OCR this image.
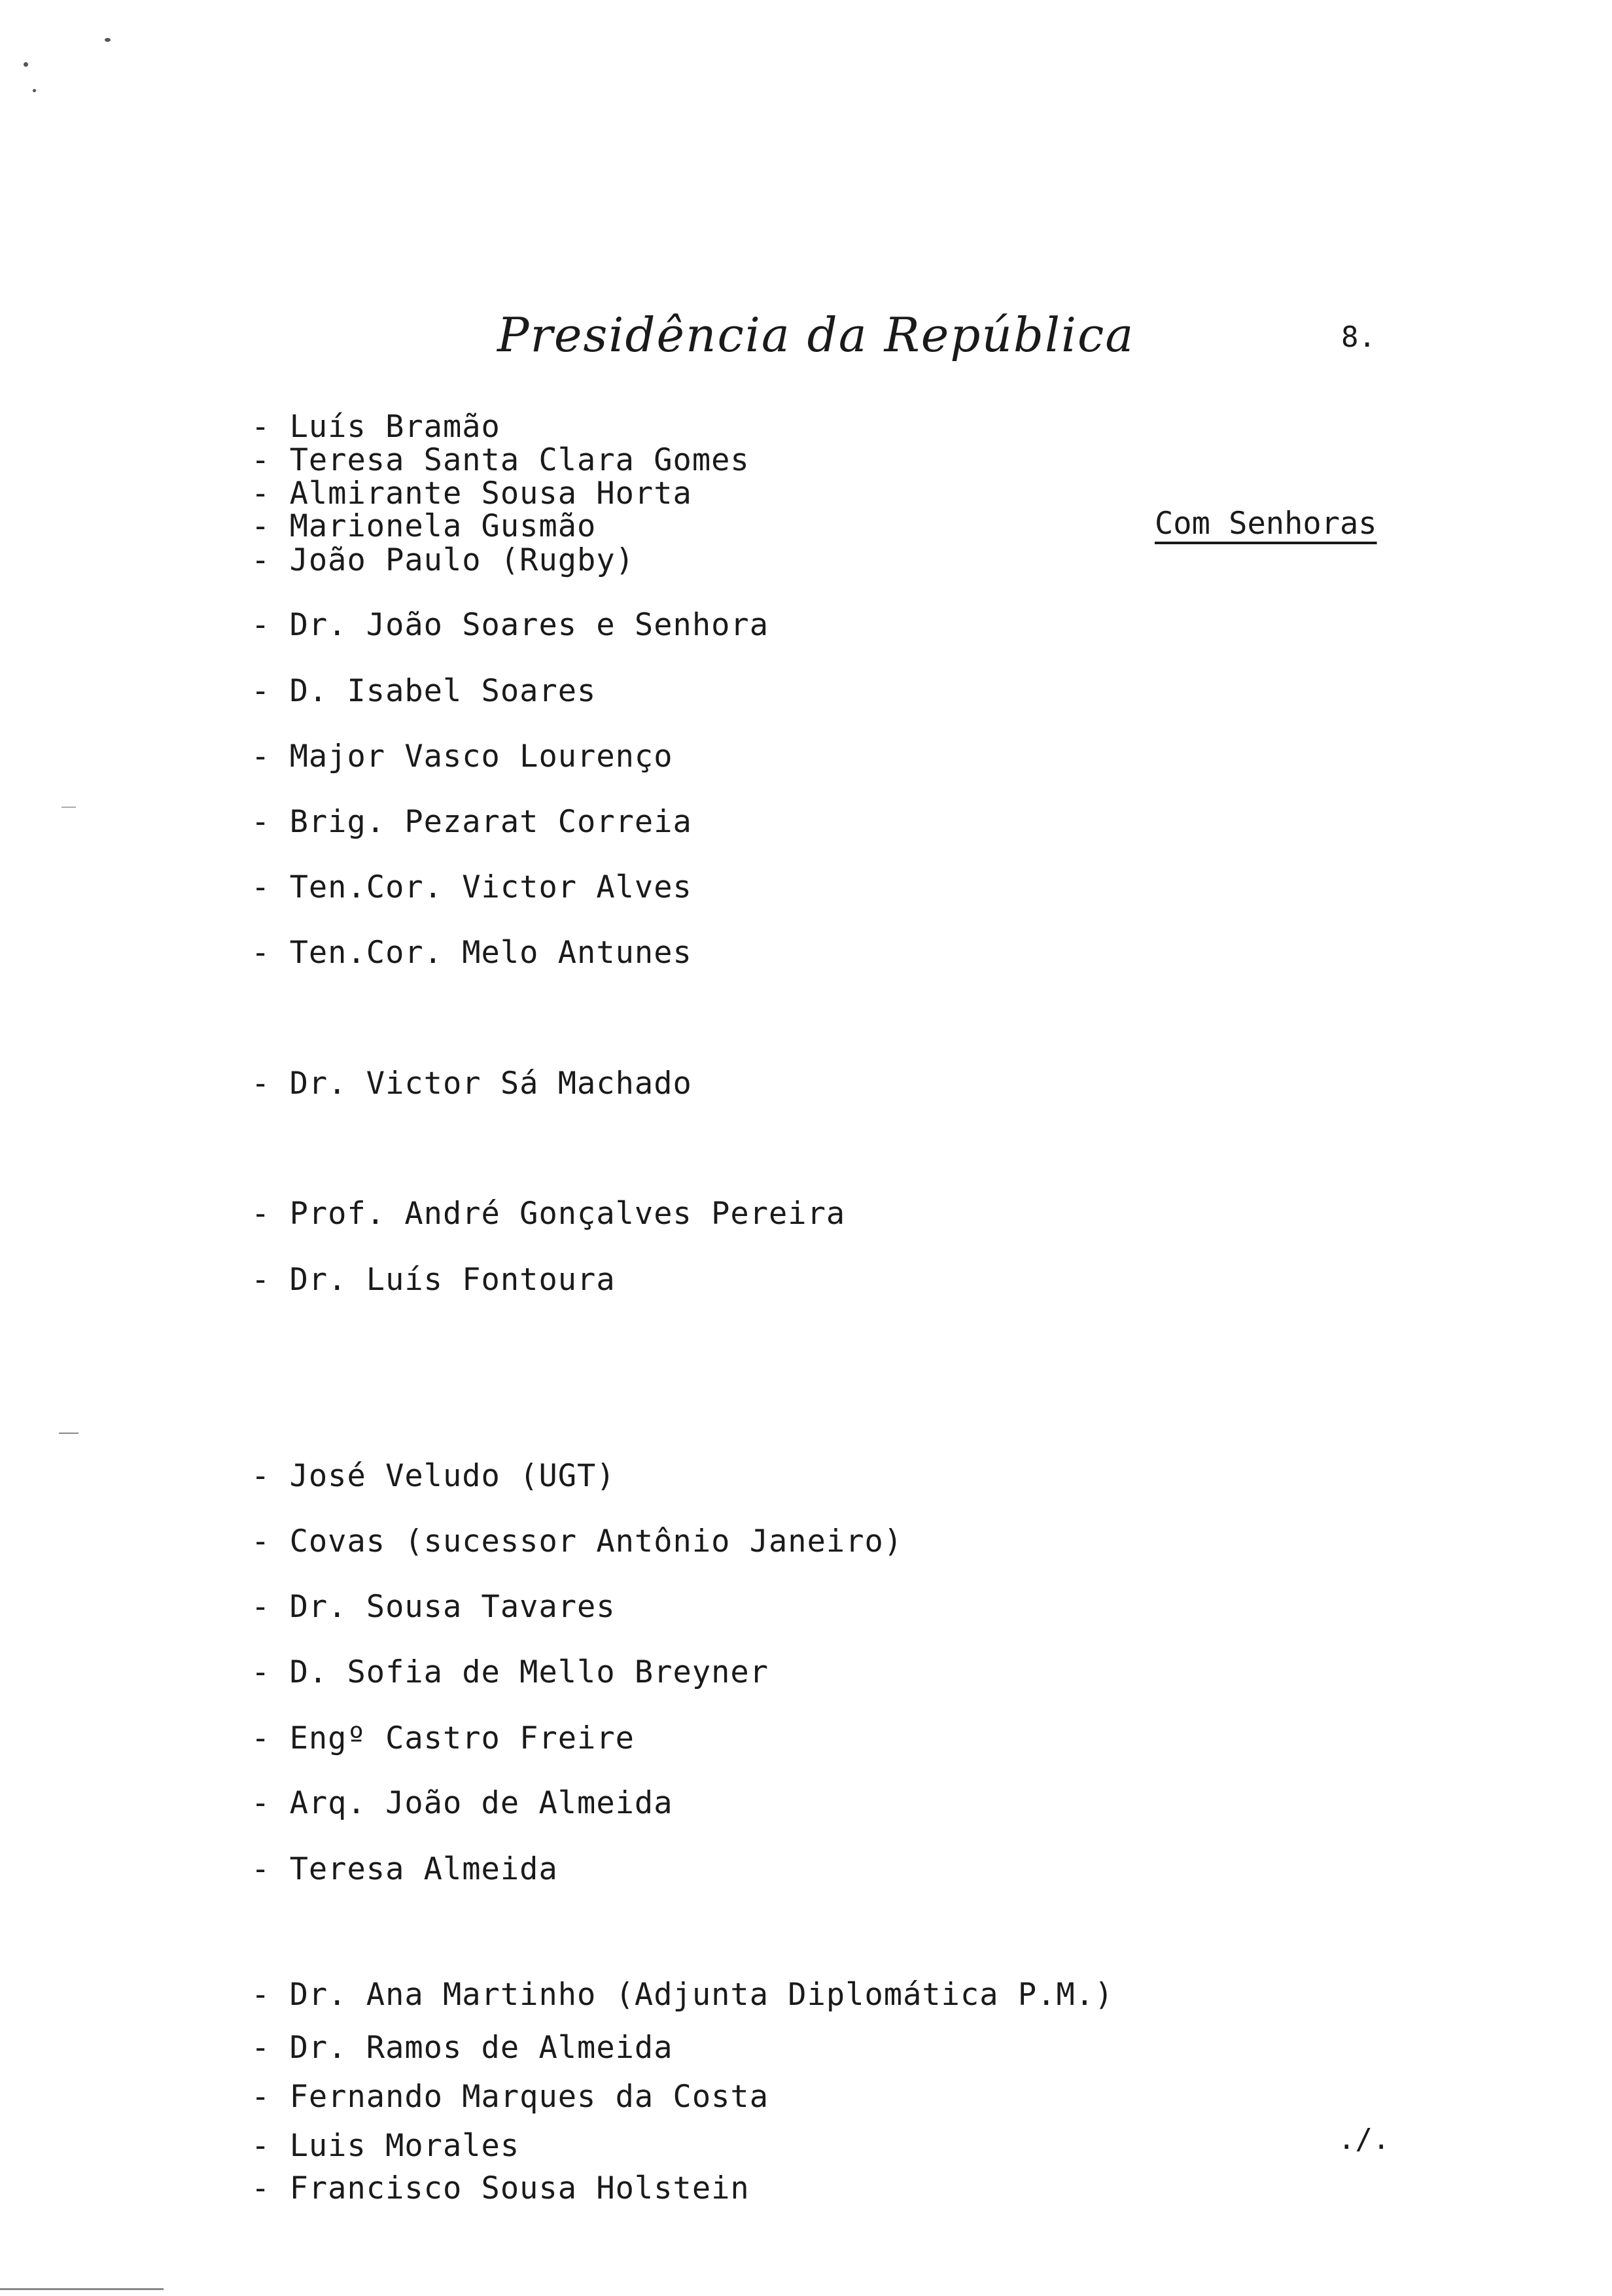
Presidência da República	8.
Com Senhoras
- Luís Bramão
- Teresa Santa Clara Gomes
- Almirante Sousa Horta
- Marionela Gusmão
- João Paulo (Rugby)
- Dr. João Soares e Senhora
- D. Isabel Soares
- Major Vasco Lourenço
- Brig. Pezarat Correia
- Ten.Cor. Victor Alves
- Ten.Cor. Melo Antunes
- Dr. Victor Sá Machado
- Prof. André Gonçalves Pereira
- Dr. Luís Fontoura
- José Veludo (UGT)
- Covas (sucessor Antônio Janeiro)
- Dr. Sousa Tavares
- D. Sofia de Mello Breyner
- Engº Castro Freire
- Arq. João de Almeida
- Teresa Almeida
- Dr. Ana Martinho (Adjunta Diplomática P.M.)
- Dr. Ramos de Almeida
- Fernando Marques da Costa
- Luis Morales
- Francisco Sousa Holstein
./.
